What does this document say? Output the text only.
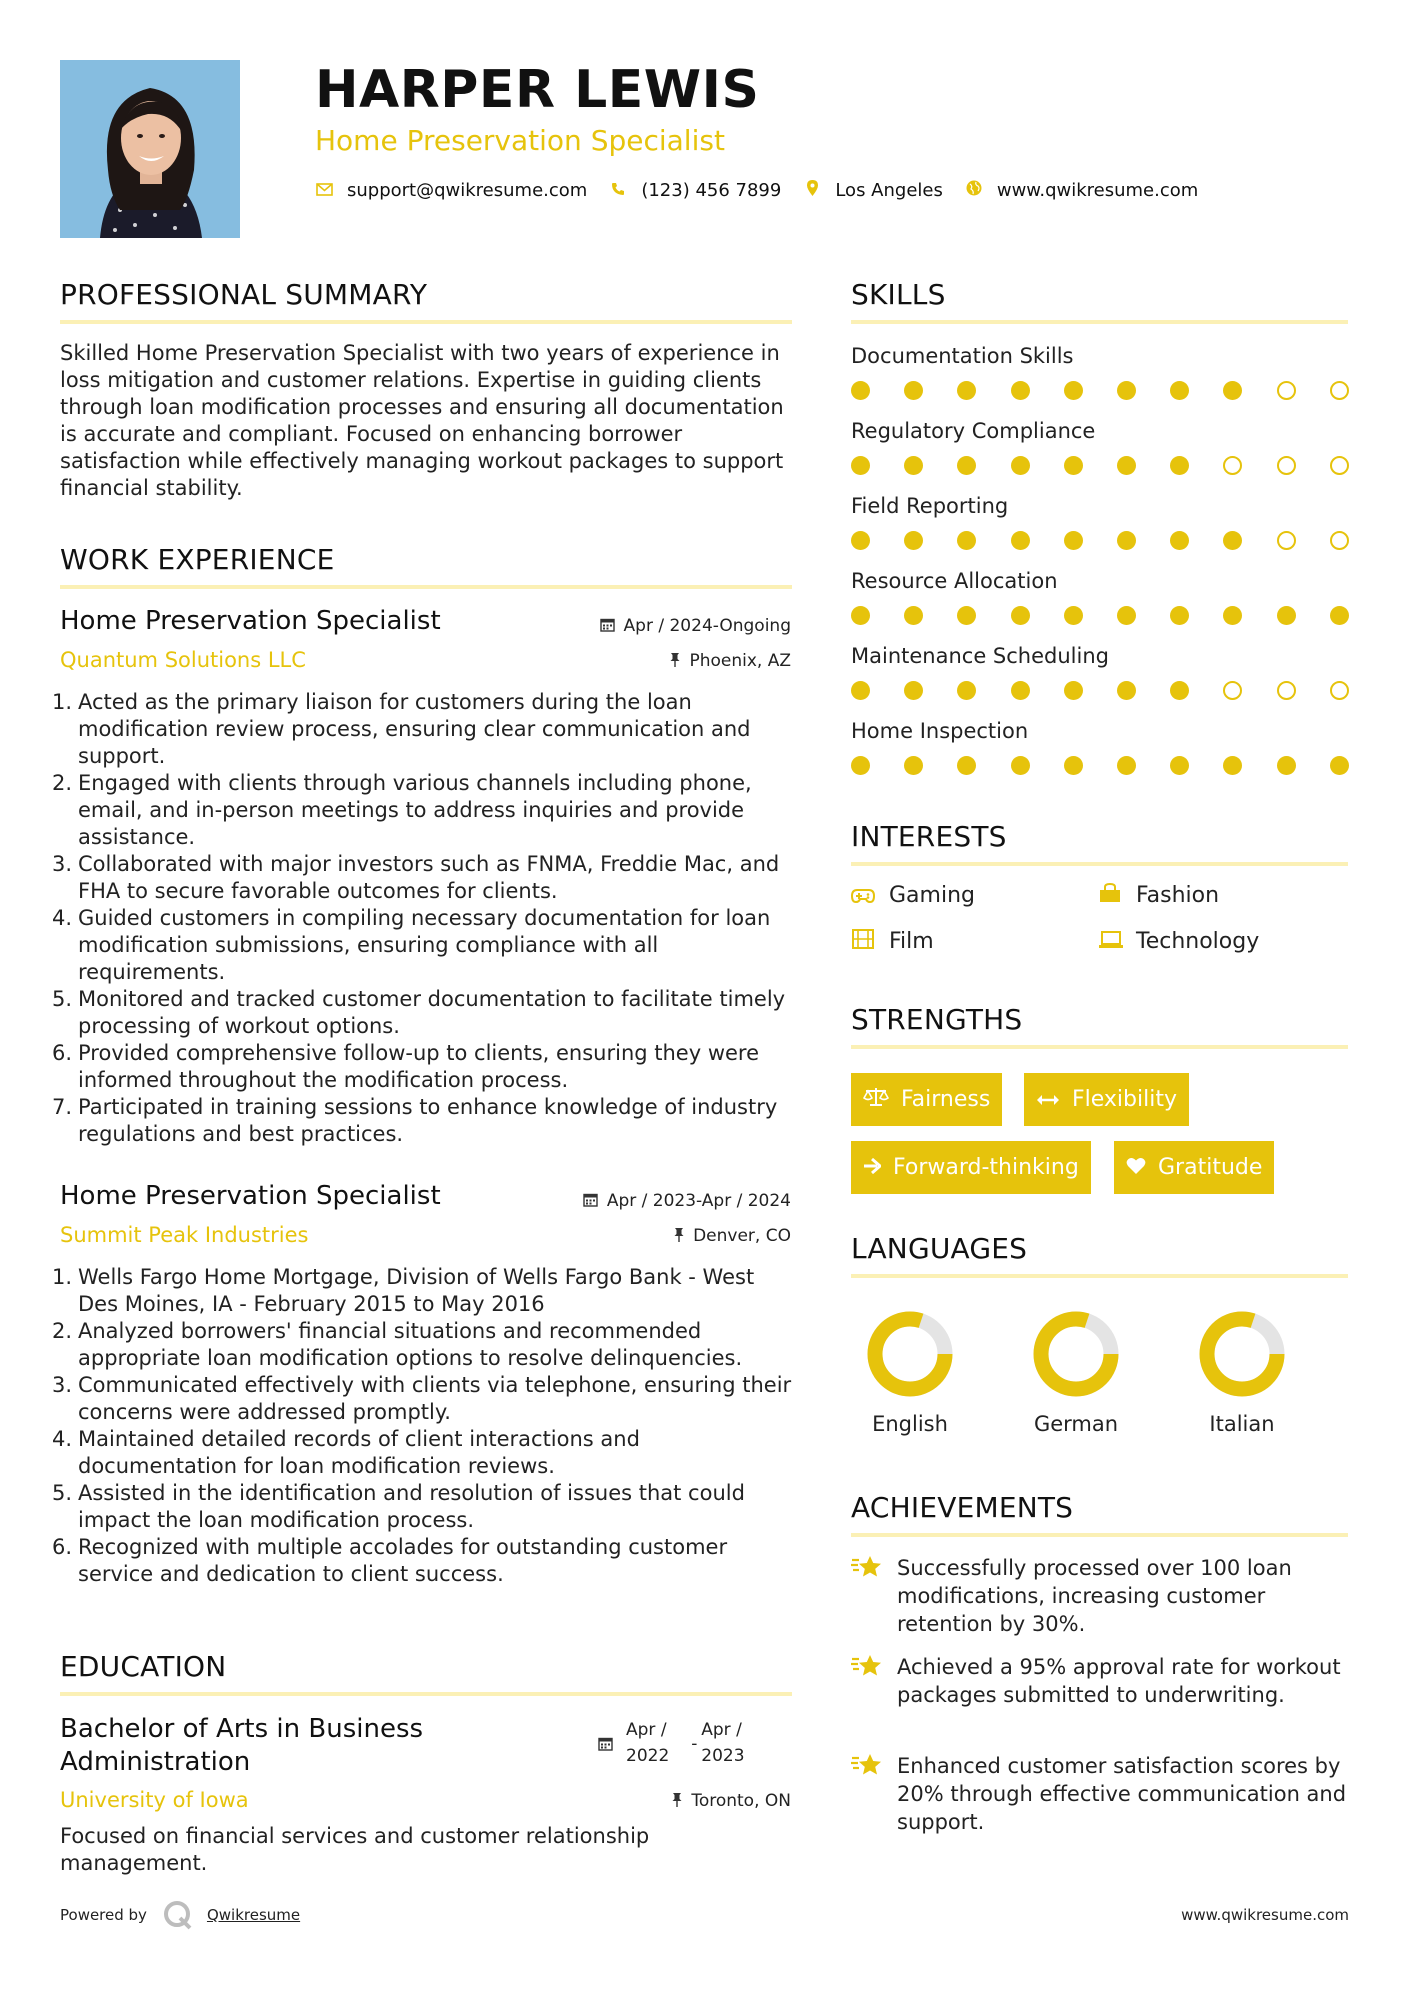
HARPER LEWIS
Home Preservation Specialist
support@qwikresume.com	(123) 456 7899	Los Angeles	www.qwikresume.com
PROFESSIONAL SUMMARY
Skilled Home Preservation Specialist with two years of experience in loss mitigation and customer relations. Expertise in guiding clients through loan modification processes and ensuring all documentation is accurate and compliant. Focused on enhancing borrower satisfaction while effectively managing workout packages to support financial stability.
WORK EXPERIENCE
Home Preservation Specialist	Apr / 2024-Ongoing
Quantum Solutions LLC	Phoenix, AZ
1. Acted as the primary liaison for customers during the loan modification review process, ensuring clear communication and support.
2. Engaged with clients through various channels including phone, email, and in-person meetings to address inquiries and provide assistance.
3. Collaborated with major investors such as FNMA, Freddie Mac, and FHA to secure favorable outcomes for clients.
4. Guided customers in compiling necessary documentation for loan modification submissions, ensuring compliance with all requirements.
5. Monitored and tracked customer documentation to facilitate timely processing of workout options.
6. Provided comprehensive follow-up to clients, ensuring they were informed throughout the modification process.
7. Participated in training sessions to enhance knowledge of industry regulations and best practices.
Home Preservation Specialist	Apr / 2023-Apr / 2024
Summit Peak Industries	Denver, CO
1. Wells Fargo Home Mortgage, Division of Wells Fargo Bank - West Des Moines, IA - February 2015 to May 2016
2. Analyzed borrowers' financial situations and recommended appropriate loan modification options to resolve delinquencies.
3. Communicated effectively with clients via telephone, ensuring their concerns were addressed promptly.
4. Maintained detailed records of client interactions and documentation for loan modification reviews.
5. Assisted in the identification and resolution of issues that could impact the loan modification process.
6. Recognized with multiple accolades for outstanding customer service and dedication to client success.
EDUCATION
Bachelor of Arts in Business Administration
Apr /
2022
-
Apr /
2023
University of Iowa	Toronto, ON
Focused on financial services and customer relationship management.
SKILLS
Documentation Skills
Regulatory Compliance
Field Reporting
Resource Allocation
Maintenance Scheduling
Home Inspection
INTERESTS
Gaming	Fashion
Film	Technology
STRENGTHS
Fairness	Flexibility
Forward-thinking	Gratitude
LANGUAGES
English	German	Italian
ACHIEVEMENTS
Successfully processed over 100 loan modifications, increasing customer retention by 30%.
Achieved a 95% approval rate for workout packages submitted to underwriting.
Enhanced customer satisfaction scores by 20% through effective communication and support.
Powered by	Qwikresume	www.qwikresume.com
